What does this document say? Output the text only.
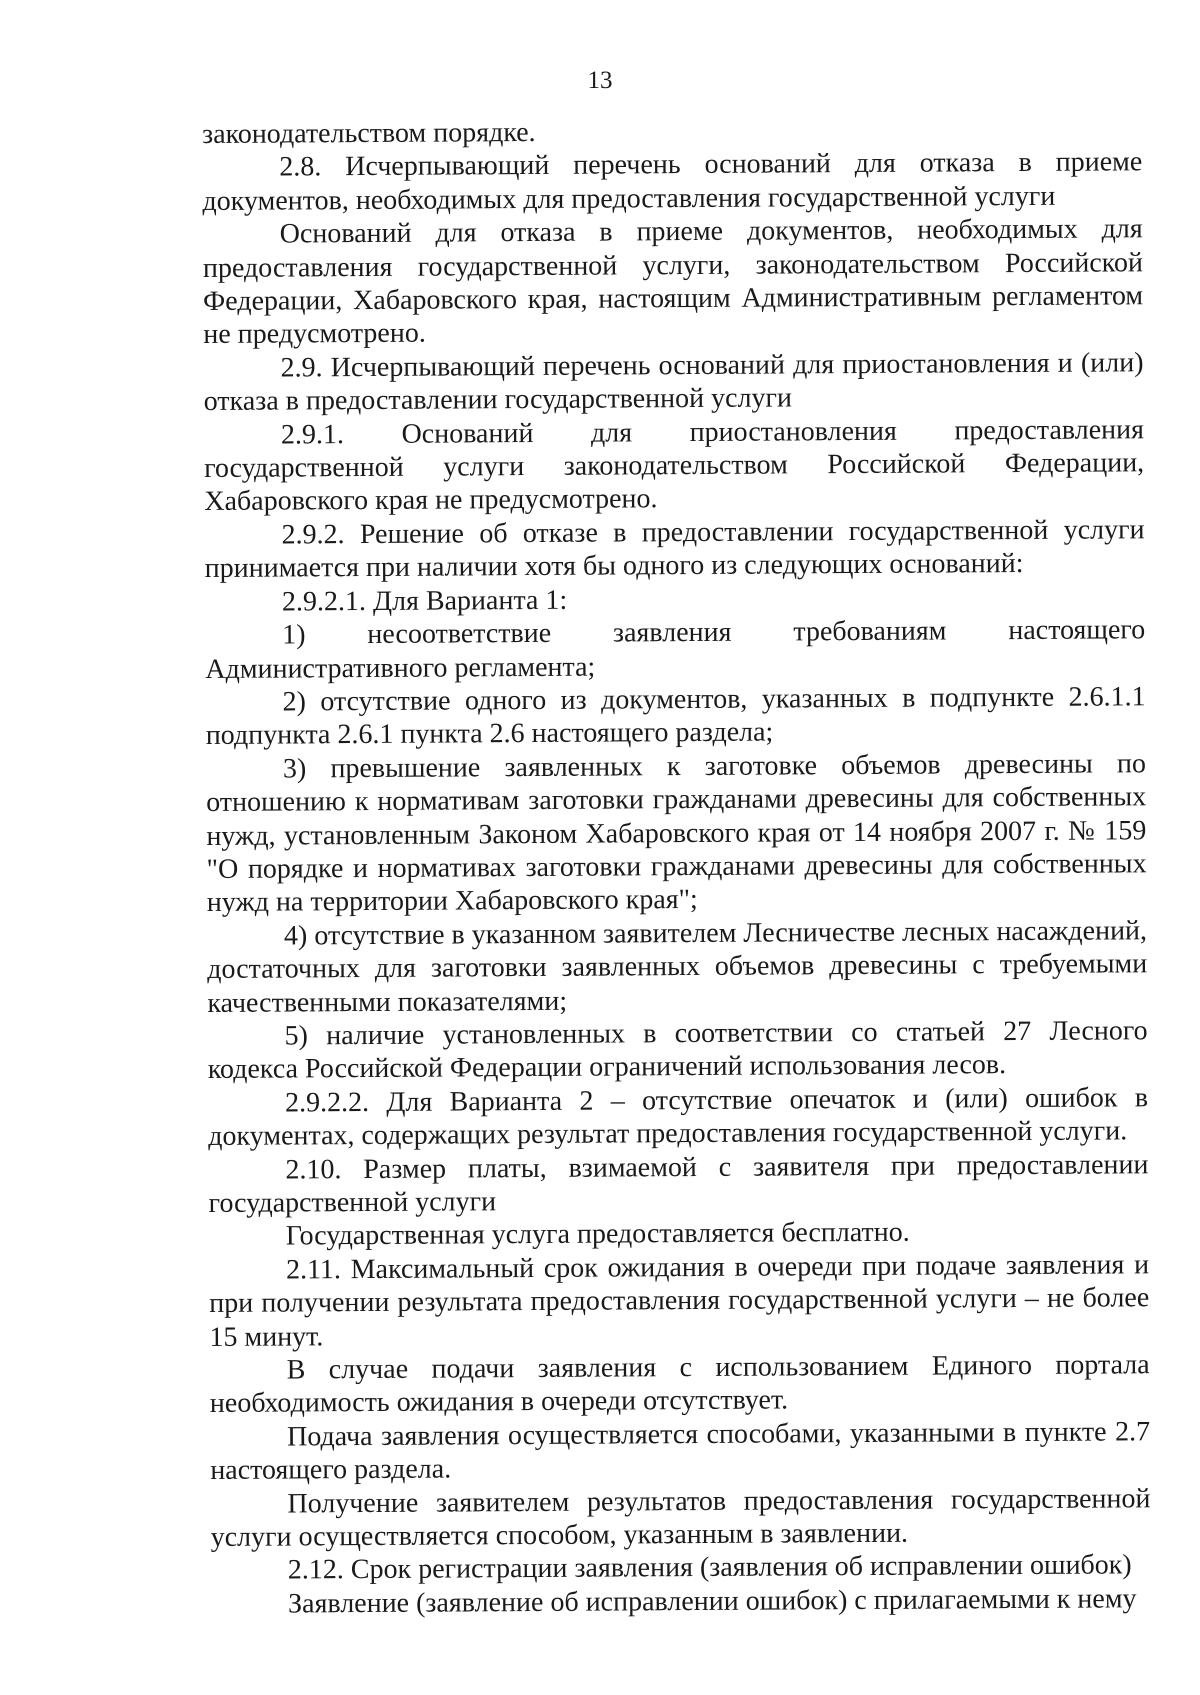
13

законодательством порядке.

2.8. Исчерпывающий перечень оснований для отказа в приеме документов, необходимых для предоставления государственной услуги

Оснований для отказа в приеме документов, необходимых для предоставления государственной услуги, законодательством Российской Федерации, Хабаровского края, настоящим Административным регламентом не предусмотрено.

2.9. Исчерпывающий перечень оснований для приостановления и (или) отказа в предоставлении государственной услуги

2.9.1. Оснований для приостановления предоставления государственной услуги законодательством Российской Федерации, Хабаровского края не предусмотрено.

2.9.2. Решение об отказе в предоставлении государственной услуги принимается при наличии хотя бы одного из следующих оснований:

2.9.2.1. Для Варианта 1:

1) несоответствие заявления требованиям настоящего Административного регламента;

2) отсутствие одного из документов, указанных в подпункте 2.6.1.1 подпункта 2.6.1 пункта 2.6 настоящего раздела;

3) превышение заявленных к заготовке объемов древесины по отношению к нормативам заготовки гражданами древесины для собственных нужд, установленным Законом Хабаровского края от 14 ноября 2007 г. № 159 "О порядке и нормативах заготовки гражданами древесины для собственных нужд на территории Хабаровского края";

4) отсутствие в указанном заявителем Лесничестве лесных насаждений, достаточных для заготовки заявленных объемов древесины с требуемыми качественными показателями;

5) наличие установленных в соответствии со статьей 27 Лесного кодекса Российской Федерации ограничений использования лесов.

2.9.2.2. Для Варианта 2 – отсутствие опечаток и (или) ошибок в документах, содержащих результат предоставления государственной услуги.

2.10. Размер платы, взимаемой с заявителя при предоставлении государственной услуги

Государственная услуга предоставляется бесплатно.

2.11. Максимальный срок ожидания в очереди при подаче заявления и при получении результата предоставления государственной услуги – не более 15 минут.

В случае подачи заявления с использованием Единого портала необходимость ожидания в очереди отсутствует.

Подача заявления осуществляется способами, указанными в пункте 2.7 настоящего раздела.

Получение заявителем результатов предоставления государственной услуги осуществляется способом, указанным в заявлении.

2.12. Срок регистрации заявления (заявления об исправлении ошибок)

Заявление (заявление об исправлении ошибок) с прилагаемыми к нему
